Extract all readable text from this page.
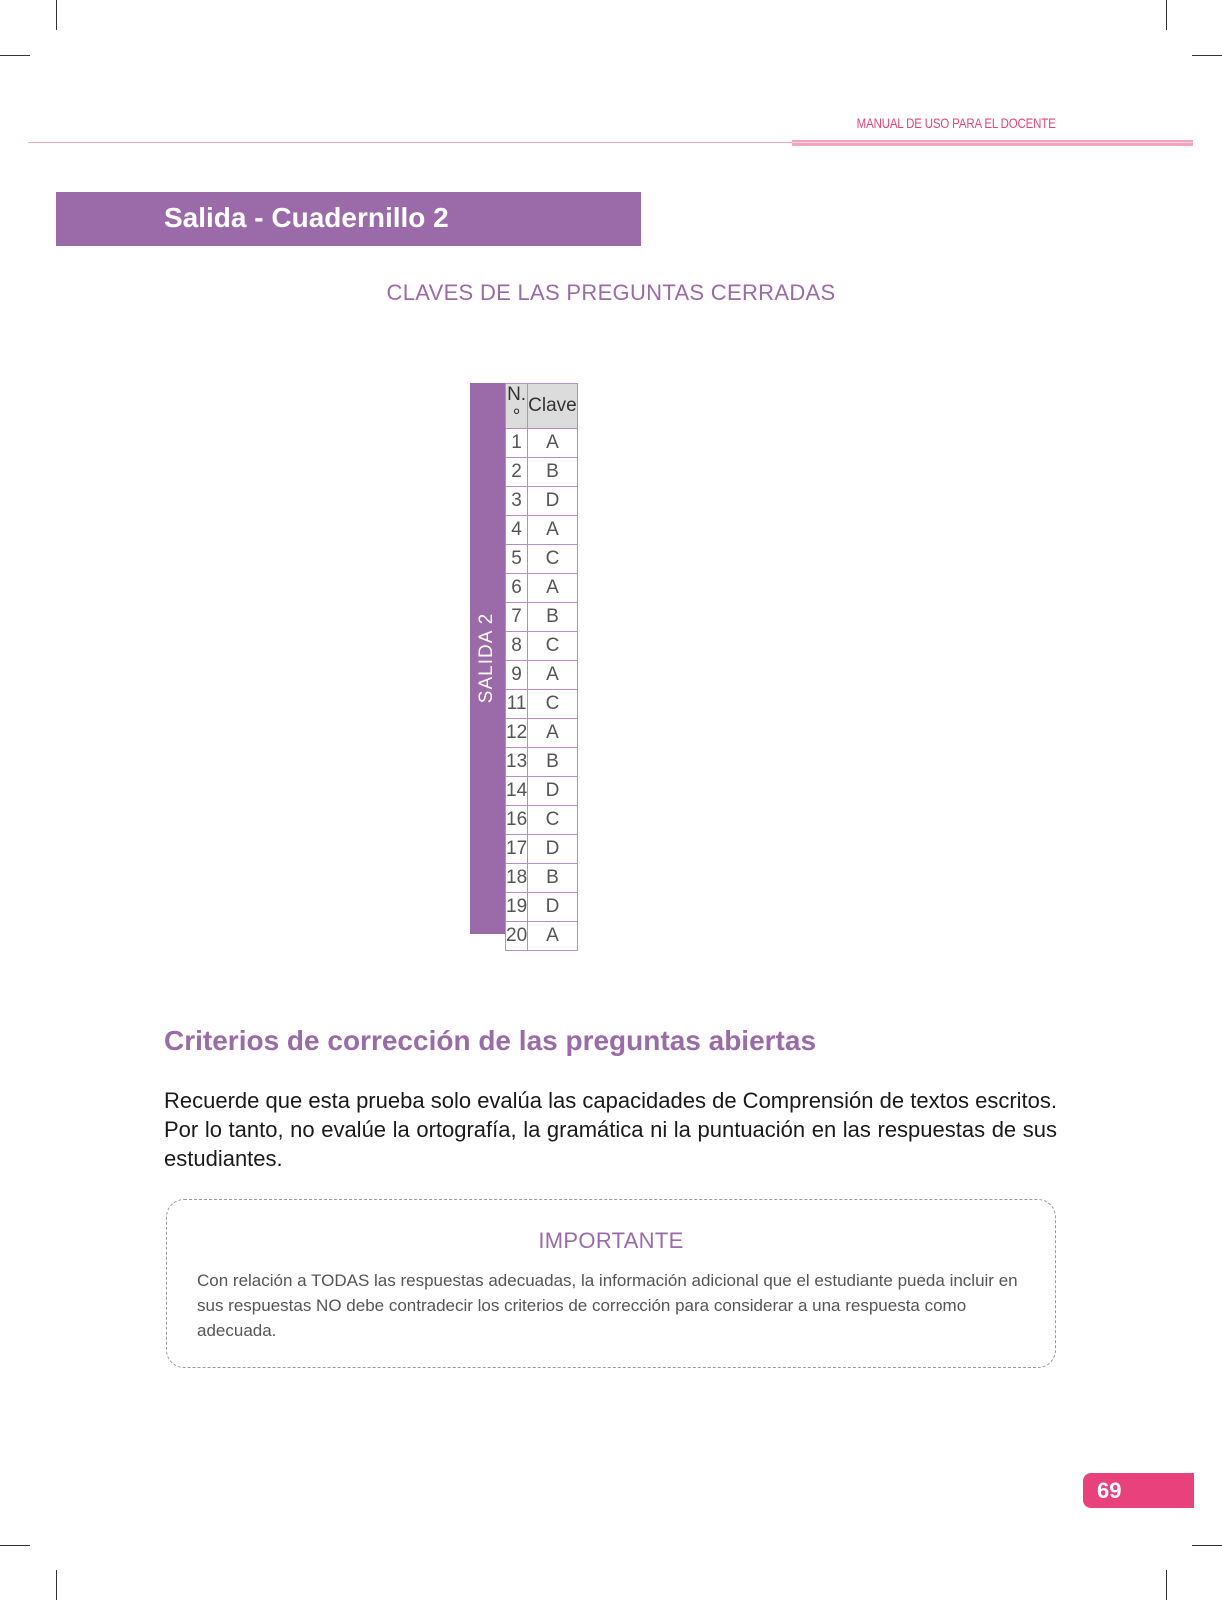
MANUAL DE USO PARA EL DOCENTE
Salida - Cuadernillo 2
CLAVES DE LAS PREGUNTAS CERRADAS
SALIDA 2
N.°	Clave
1	A
2	B
3	D
4	A
5	C
6	A
7	B
8	C
9	A
11	C
12	A
13	B
14	D
16	C
17	D
18	B
19	D
20	A
Criterios de corrección de las preguntas abiertas
Recuerde que esta prueba solo evalúa las capacidades de Comprensión de textos escritos. Por lo tanto, no evalúe la ortografía, la gramática ni la puntuación en las respuestas de sus estudiantes.
IMPORTANTE
Con relación a TODAS las respuestas adecuadas, la información adicional que el estudiante pueda incluir en sus respuestas NO debe contradecir los criterios de corrección para considerar a una respuesta como adecuada.
69
